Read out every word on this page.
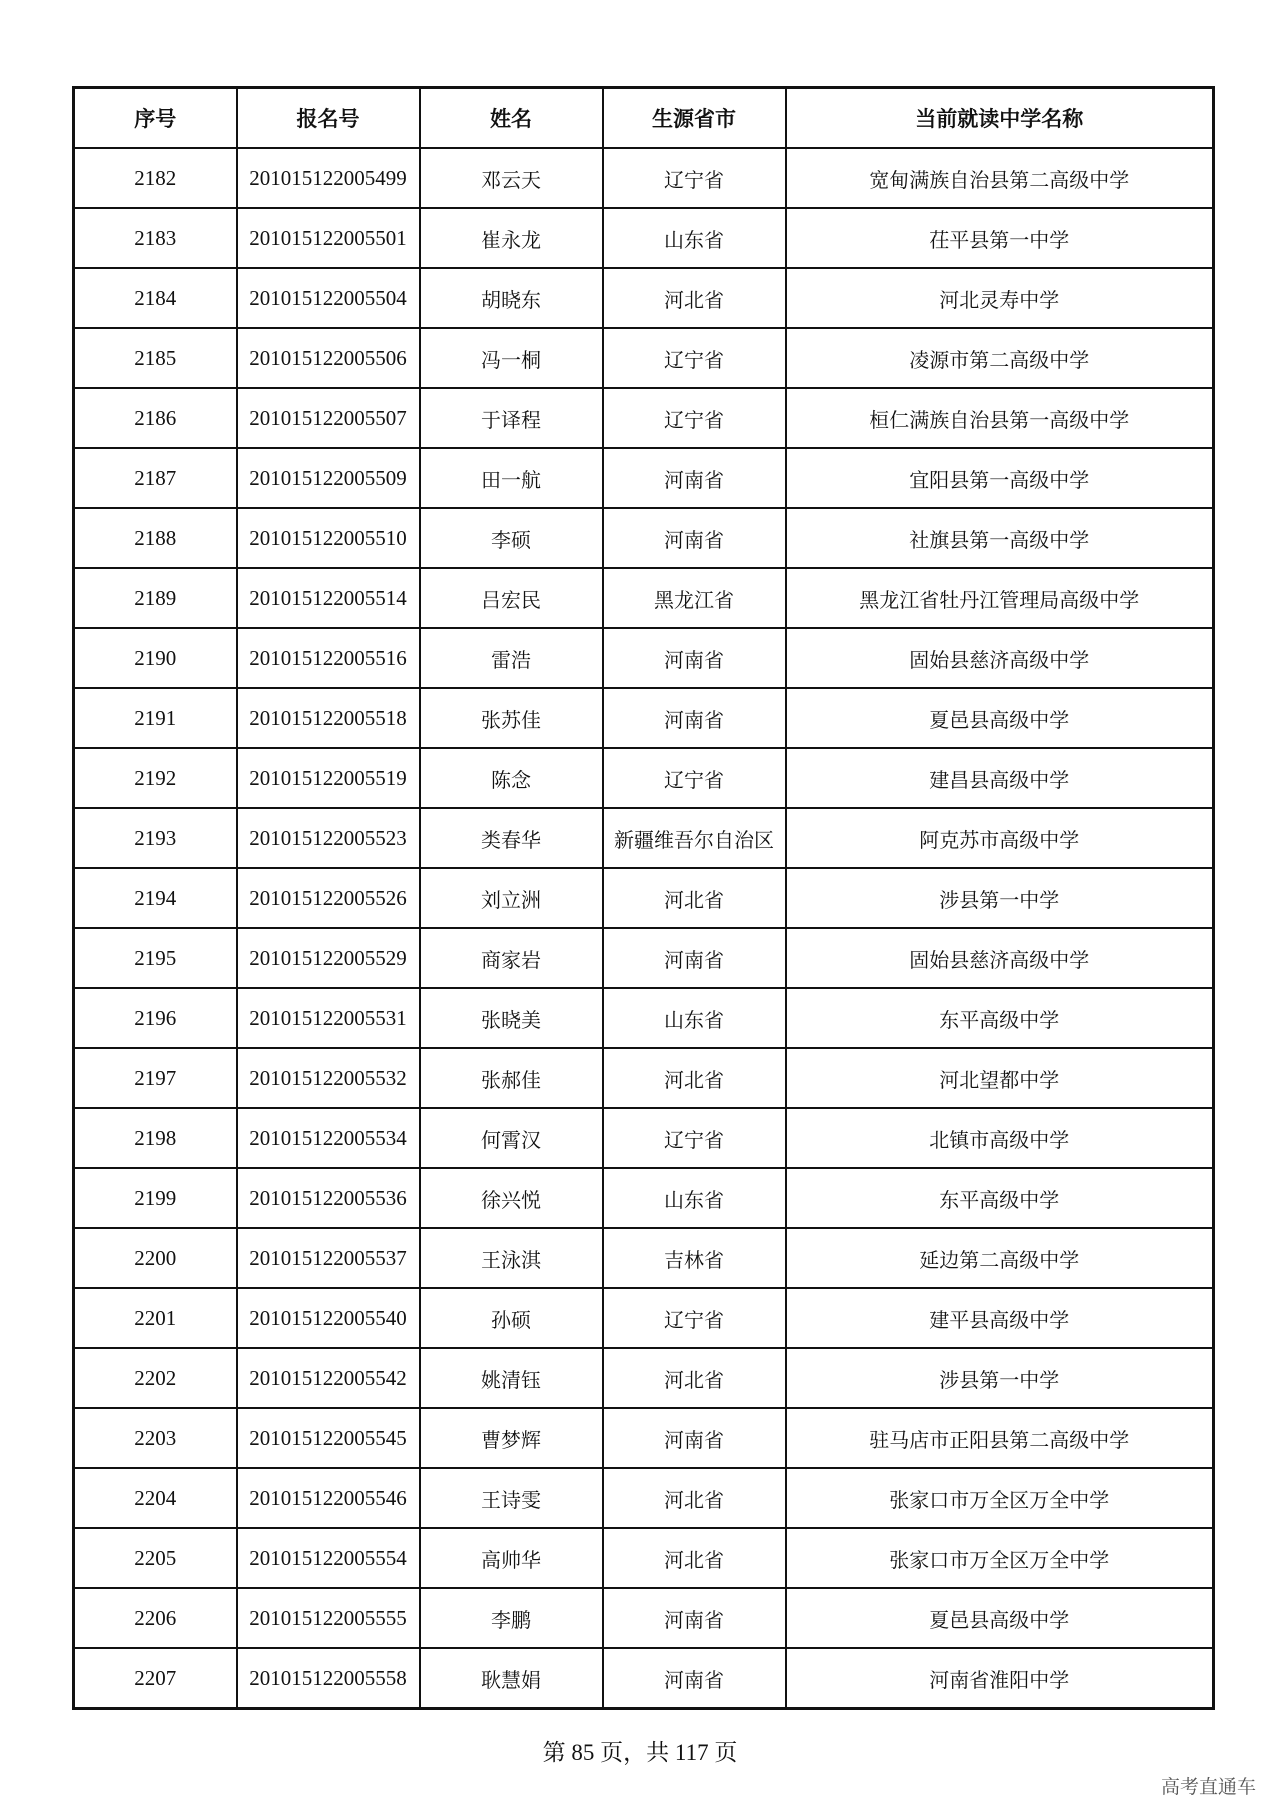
序号	报名号	姓名	生源省市	当前就读中学名称
2182	201015122005499	邓云天	辽宁省	宽甸满族自治县第二高级中学
2183	201015122005501	崔永龙	山东省	茌平县第一中学
2184	201015122005504	胡晓东	河北省	河北灵寿中学
2185	201015122005506	冯一桐	辽宁省	凌源市第二高级中学
2186	201015122005507	于译程	辽宁省	桓仁满族自治县第一高级中学
2187	201015122005509	田一航	河南省	宜阳县第一高级中学
2188	201015122005510	李硕	河南省	社旗县第一高级中学
2189	201015122005514	吕宏民	黑龙江省	黑龙江省牡丹江管理局高级中学
2190	201015122005516	雷浩	河南省	固始县慈济高级中学
2191	201015122005518	张苏佳	河南省	夏邑县高级中学
2192	201015122005519	陈念	辽宁省	建昌县高级中学
2193	201015122005523	类春华	新疆维吾尔自治区	阿克苏市高级中学
2194	201015122005526	刘立洲	河北省	涉县第一中学
2195	201015122005529	商家岩	河南省	固始县慈济高级中学
2196	201015122005531	张晓美	山东省	东平高级中学
2197	201015122005532	张郝佳	河北省	河北望都中学
2198	201015122005534	何霄汉	辽宁省	北镇市高级中学
2199	201015122005536	徐兴悦	山东省	东平高级中学
2200	201015122005537	王泳淇	吉林省	延边第二高级中学
2201	201015122005540	孙硕	辽宁省	建平县高级中学
2202	201015122005542	姚清钰	河北省	涉县第一中学
2203	201015122005545	曹梦辉	河南省	驻马店市正阳县第二高级中学
2204	201015122005546	王诗雯	河北省	张家口市万全区万全中学
2205	201015122005554	高帅华	河北省	张家口市万全区万全中学
2206	201015122005555	李鹏	河南省	夏邑县高级中学
2207	201015122005558	耿慧娟	河南省	河南省淮阳中学
第 85 页，共 117 页
高考直通车
